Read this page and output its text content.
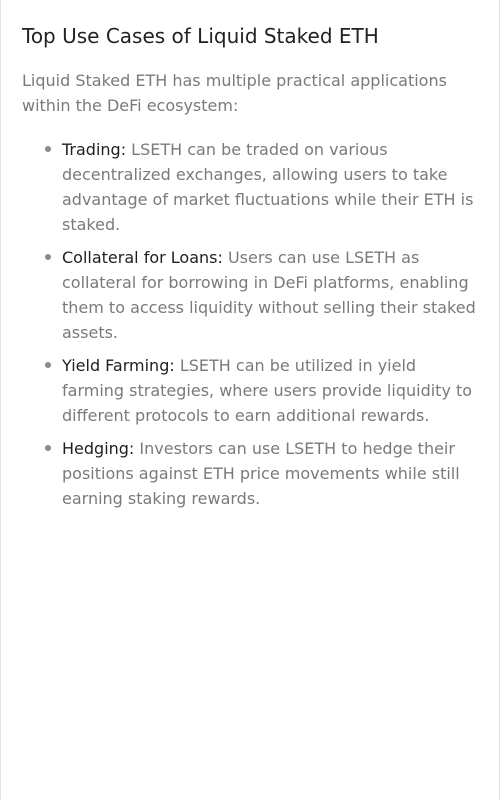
Top Use Cases of Liquid Staked ETH

Liquid Staked ETH has multiple practical applications within the DeFi ecosystem:

Trading: LSETH can be traded on various decentralized exchanges, allowing users to take advantage of market fluctuations while their ETH is staked.
Collateral for Loans: Users can use LSETH as collateral for borrowing in DeFi platforms, enabling them to access liquidity without selling their staked assets.
Yield Farming: LSETH can be utilized in yield farming strategies, where users provide liquidity to different protocols to earn additional rewards.
Hedging: Investors can use LSETH to hedge their positions against ETH price movements while still earning staking rewards.
